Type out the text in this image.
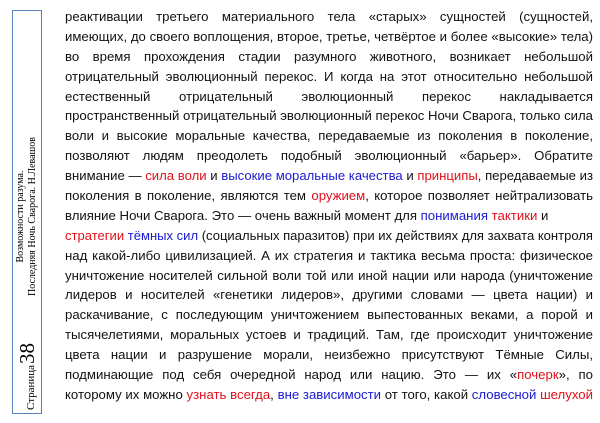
Страница
38
Возможности разума. Последняя Ночь Сварога. Н.Левашов
реактивации третьего материального тела «старых» сущностей (сущностей,
имеющих, до своего воплощения, второе, третье, четвёртое и более «высокие» тела)
во время прохождения стадии разумного животного, возникает небольшой
отрицательный эволюционный перекос. И когда на этот относительно небольшой
естественный отрицательный эволюционный перекос накладывается
пространственный отрицательный эволюционный перекос Ночи Сварога, только сила
воли и высокие моральные качества, передаваемые из поколения в поколение,
позволяют людям преодолеть подобный эволюционный «барьер». Обратите
внимание — сила воли и высокие моральные качества и принципы, передаваемые из
поколения в поколение, являются тем оружием, которое позволяет нейтрализовать
влияние Ночи Сварога. Это — очень важный момент для понимания тактики и
стратегии тёмных сил (социальных паразитов) при их действиях для захвата контроля
над какой-либо цивилизацией. А их стратегия и тактика весьма проста: физическое
уничтожение носителей сильной воли той или иной нации или народа (уничтожение
лидеров и носителей «генетики лидеров», другими словами — цвета нации) и
раскачивание, с последующим уничтожением выпестованных веками, а порой и
тысячелетиями, моральных устоев и традиций. Там, где происходит уничтожение
цвета нации и разрушение морали, неизбежно присутствуют Тёмные Силы,
подминающие под себя очередной народ или нацию. Это — их «почерк», по
которому их можно узнать всегда, вне зависимости от того, какой словесной шелухой
